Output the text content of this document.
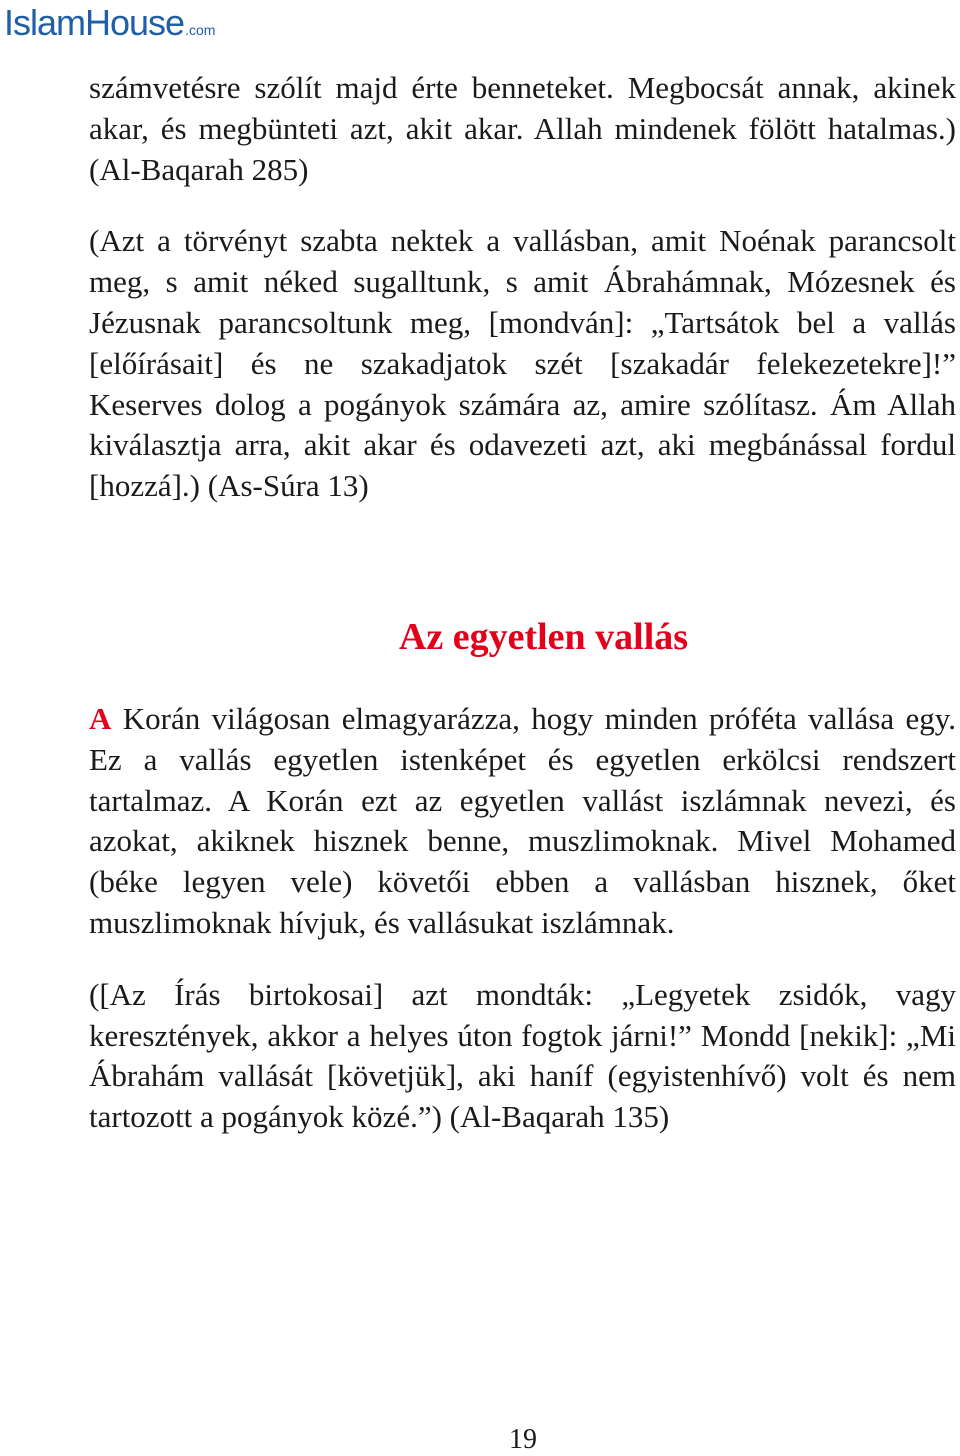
IslamHouse .com

számvetésre szólít majd érte benneteket. Megbocsát annak, akinek akar, és megbünteti azt, akit akar. Allah mindenek fölött hatalmas.) (Al-Baqarah 285)

(Azt a törvényt szabta nektek a vallásban, amit Noénak parancsolt meg, s amit néked sugalltunk, s amit Ábrahámnak, Mózesnek és Jézusnak parancsoltunk meg, [mondván]: „Tartsátok bel a vallás [előírásait] és ne szakadjatok szét [szakadár felekezetekre]!” Keserves dolog a pogányok számára az, amire szólítasz. Ám Allah kiválasztja arra, akit akar és odavezeti azt, aki megbánással fordul [hozzá].) (As-Súra 13)

Az egyetlen vallás

A Korán világosan elmagyarázza, hogy minden próféta vallása egy. Ez a vallás egyetlen istenképet és egyetlen erkölcsi rendszert tartalmaz. A Korán ezt az egyetlen vallást iszlámnak nevezi, és azokat, akiknek hisznek benne, muszlimoknak. Mivel Mohamed (béke legyen vele) követői ebben a vallásban hisznek, őket muszlimoknak hívjuk, és vallásukat iszlámnak.

([Az Írás birtokosai] azt mondták: „Legyetek zsidók, vagy keresztények, akkor a helyes úton fogtok járni!” Mondd [nekik]: „Mi Ábrahám vallását [követjük], aki haníf (egyistenhívő) volt és nem tartozott a pogányok közé.”) (Al-Baqarah 135)

19
